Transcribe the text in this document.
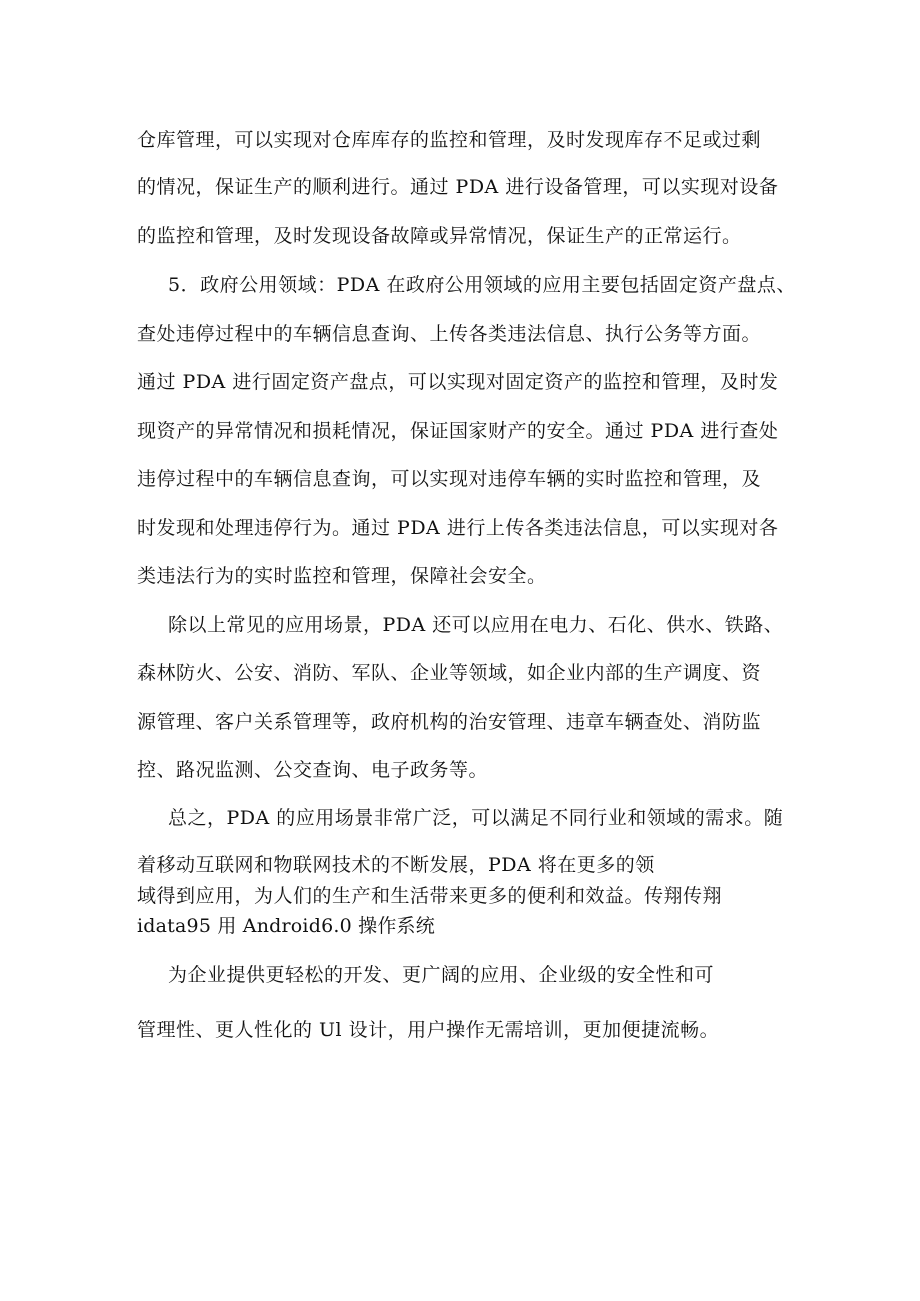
仓库管理，可以实现对仓库库存的监控和管理，及时发现库存不足或过剩
的情况，保证生产的顺利进行。通过 PDA 进行设备管理，可以实现对设备
的监控和管理，及时发现设备故障或异常情况，保证生产的正常运行。
5．政府公用领域：PDA 在政府公用领域的应用主要包括固定资产盘点、
查处违停过程中的车辆信息查询、上传各类违法信息、执行公务等方面。
通过 PDA 进行固定资产盘点，可以实现对固定资产的监控和管理，及时发
现资产的异常情况和损耗情况，保证国家财产的安全。通过 PDA 进行查处
违停过程中的车辆信息查询，可以实现对违停车辆的实时监控和管理，及
时发现和处理违停行为。通过 PDA 进行上传各类违法信息，可以实现对各
类违法行为的实时监控和管理，保障社会安全。
除以上常见的应用场景，PDA 还可以应用在电力、石化、供水、铁路、
森林防火、公安、消防、军队、企业等领域，如企业内部的生产调度、资
源管理、客户关系管理等，政府机构的治安管理、违章车辆查处、消防监
控、路况监测、公交查询、电子政务等。
总之，PDA 的应用场景非常广泛，可以满足不同行业和领域的需求。随
着移动互联网和物联网技术的不断发展，PDA 将在更多的领
域得到应用，为人们的生产和生活带来更多的便利和效益。传翔传翔
idata95 用 Android6.0 操作系统
为企业提供更轻松的开发、更广阔的应用、企业级的安全性和可
管理性、更人性化的 Ul 设计，用户操作无需培训，更加便捷流畅。
